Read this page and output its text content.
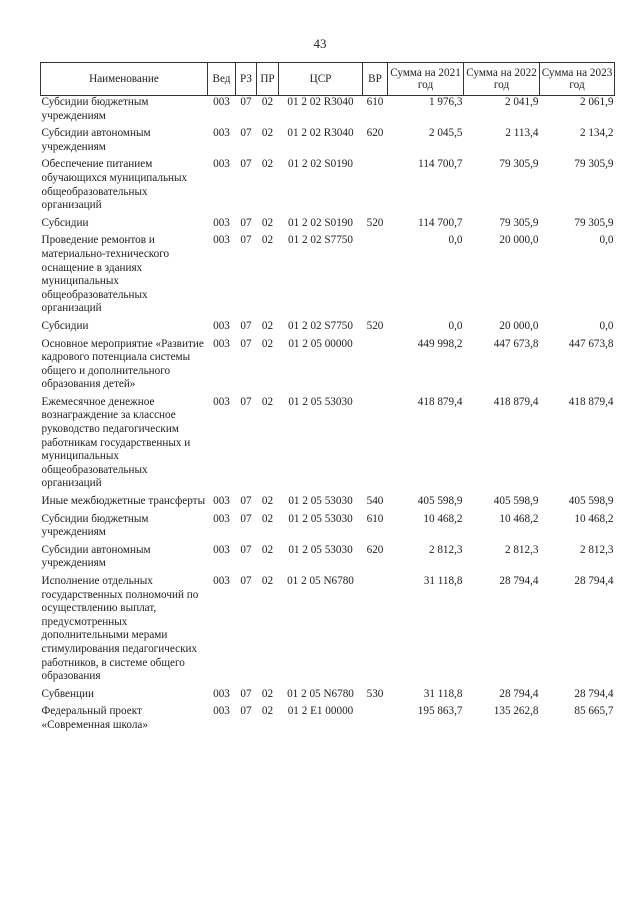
43
Наименование	Вед	РЗ	ПР	ЦСР	ВР	Сумма на 2021 год	Сумма на 2022 год	Сумма на 2023 год
Субсидии бюджетным учреждениям	003	07	02	01 2 02 R3040	610	1 976,3	2 041,9	2 061,9
Субсидии автономным учреждениям	003	07	02	01 2 02 R3040	620	2 045,5	2 113,4	2 134,2
Обеспечение питанием обучающихся муниципальных общеобразовательных организаций	003	07	02	01 2 02 S0190		114 700,7	79 305,9	79 305,9
Субсидии	003	07	02	01 2 02 S0190	520	114 700,7	79 305,9	79 305,9
Проведение ремонтов и материально-технического оснащение в зданиях муниципальных общеобразовательных организаций	003	07	02	01 2 02 S7750		0,0	20 000,0	0,0
Субсидии	003	07	02	01 2 02 S7750	520	0,0	20 000,0	0,0
Основное мероприятие «Развитие кадрового потенциала системы общего и дополнительного образования детей»	003	07	02	01 2 05 00000		449 998,2	447 673,8	447 673,8
Ежемесячное денежное вознаграждение за классное руководство педагогическим работникам государственных и муниципальных общеобразовательных организаций	003	07	02	01 2 05 53030		418 879,4	418 879,4	418 879,4
Иные межбюджетные трансферты	003	07	02	01 2 05 53030	540	405 598,9	405 598,9	405 598,9
Субсидии бюджетным учреждениям	003	07	02	01 2 05 53030	610	10 468,2	10 468,2	10 468,2
Субсидии автономным учреждениям	003	07	02	01 2 05 53030	620	2 812,3	2 812,3	2 812,3
Исполнение отдельных государственных полномочий по осуществлению выплат, предусмотренных дополнительными мерами стимулирования педагогических работников, в системе общего образования	003	07	02	01 2 05 N6780		31 118,8	28 794,4	28 794,4
Субвенции	003	07	02	01 2 05 N6780	530	31 118,8	28 794,4	28 794,4
Федеральный проект «Современная школа»	003	07	02	01 2 E1 00000		195 863,7	135 262,8	85 665,7
